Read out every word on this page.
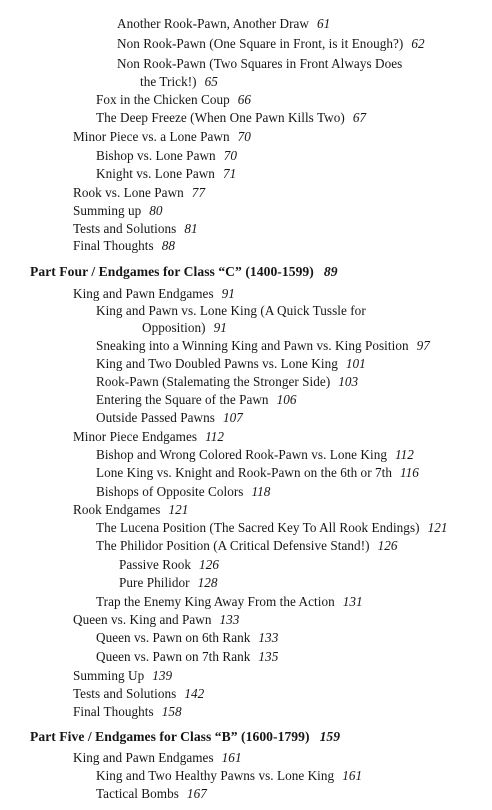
Another Rook-Pawn, Another Draw 61
Non Rook-Pawn (One Square in Front, is it Enough?) 62
Non Rook-Pawn (Two Squares in Front Always Does
the Trick!) 65
Fox in the Chicken Coup 66
The Deep Freeze (When One Pawn Kills Two) 67
Minor Piece vs. a Lone Pawn 70
Bishop vs. Lone Pawn 70
Knight vs. Lone Pawn 71
Rook vs. Lone Pawn 77
Summing up 80
Tests and Solutions 81
Final Thoughts 88
Part Four / Endgames for Class “C” (1400-1599) 89
King and Pawn Endgames 91
King and Pawn vs. Lone King (A Quick Tussle for
Opposition) 91
Sneaking into a Winning King and Pawn vs. King Position 97
King and Two Doubled Pawns vs. Lone King 101
Rook-Pawn (Stalemating the Stronger Side) 103
Entering the Square of the Pawn 106
Outside Passed Pawns 107
Minor Piece Endgames 112
Bishop and Wrong Colored Rook-Pawn vs. Lone King 112
Lone King vs. Knight and Rook-Pawn on the 6th or 7th 116
Bishops of Opposite Colors 118
Rook Endgames 121
The Lucena Position (The Sacred Key To All Rook Endings) 121
The Philidor Position (A Critical Defensive Stand!) 126
Passive Rook 126
Pure Philidor 128
Trap the Enemy King Away From the Action 131
Queen vs. King and Pawn 133
Queen vs. Pawn on 6th Rank 133
Queen vs. Pawn on 7th Rank 135
Summing Up 139
Tests and Solutions 142
Final Thoughts 158
Part Five / Endgames for Class “B” (1600-1799) 159
King and Pawn Endgames 161
King and Two Healthy Pawns vs. Lone King 161
Tactical Bombs 167
